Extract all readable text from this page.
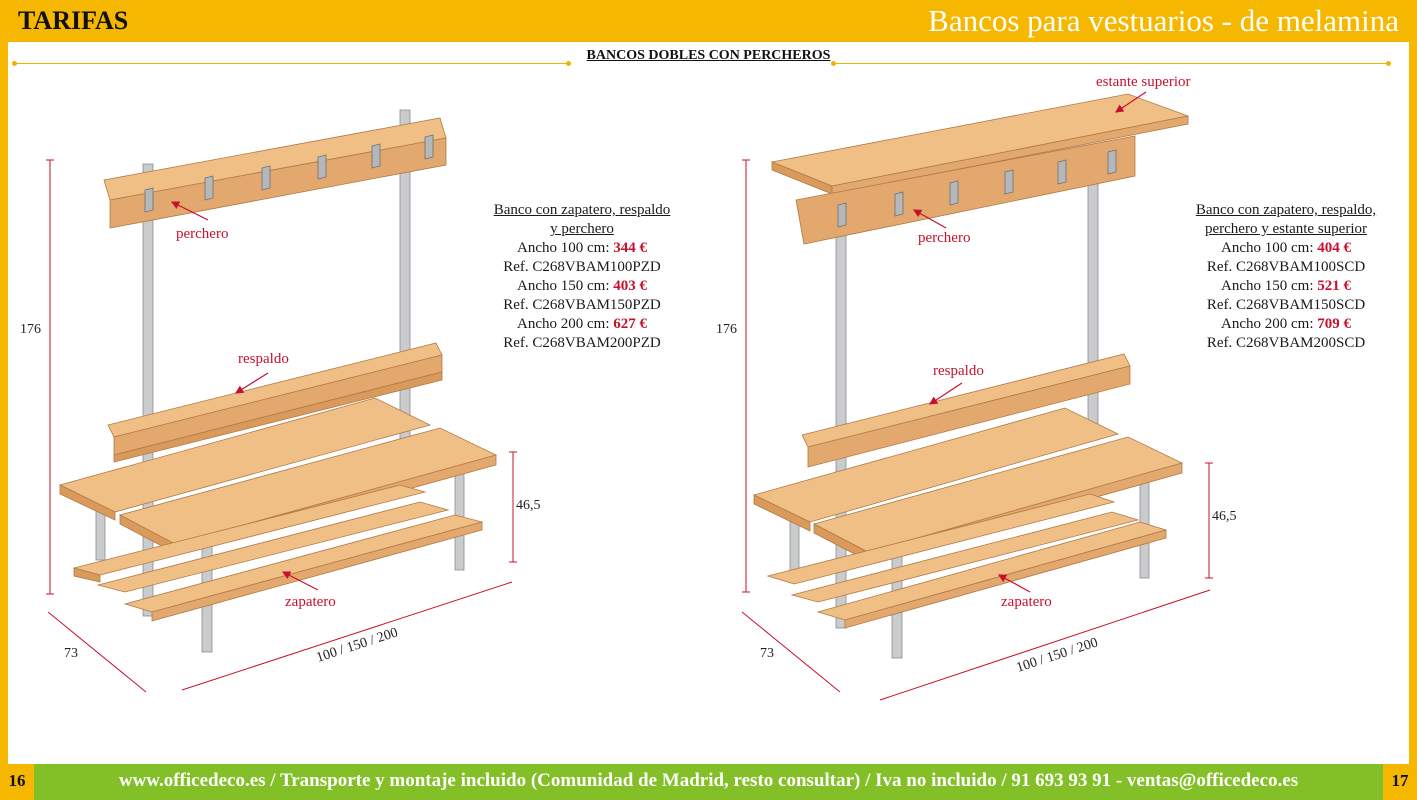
TARIFAS	Bancos para vestuarios - de melamina
BANCOS DOBLES CON PERCHEROS
perchero
respaldo
zapatero
176
73	100 / 150 / 200
46,5
estante superior
perchero
respaldo
zapatero
176
73	100 / 150 / 200
46,5
Banco con zapatero, respaldo
y perchero
Ancho 100 cm: 344 €
Ref. C268VBAM100PZD
Ancho 150 cm: 403 €
Ref. C268VBAM150PZD
Ancho 200 cm: 627 €
Ref. C268VBAM200PZD
Banco con zapatero, respaldo,
perchero y estante superior
Ancho 100 cm: 404 €
Ref. C268VBAM100SCD
Ancho 150 cm: 521 €
Ref. C268VBAM150SCD
Ancho 200 cm: 709 €
Ref. C268VBAM200SCD
16	www.officedeco.es / Transporte y montaje incluido (Comunidad de Madrid, resto consultar) / Iva no incluido / 91 693 93 91 - ventas@officedeco.es	17
